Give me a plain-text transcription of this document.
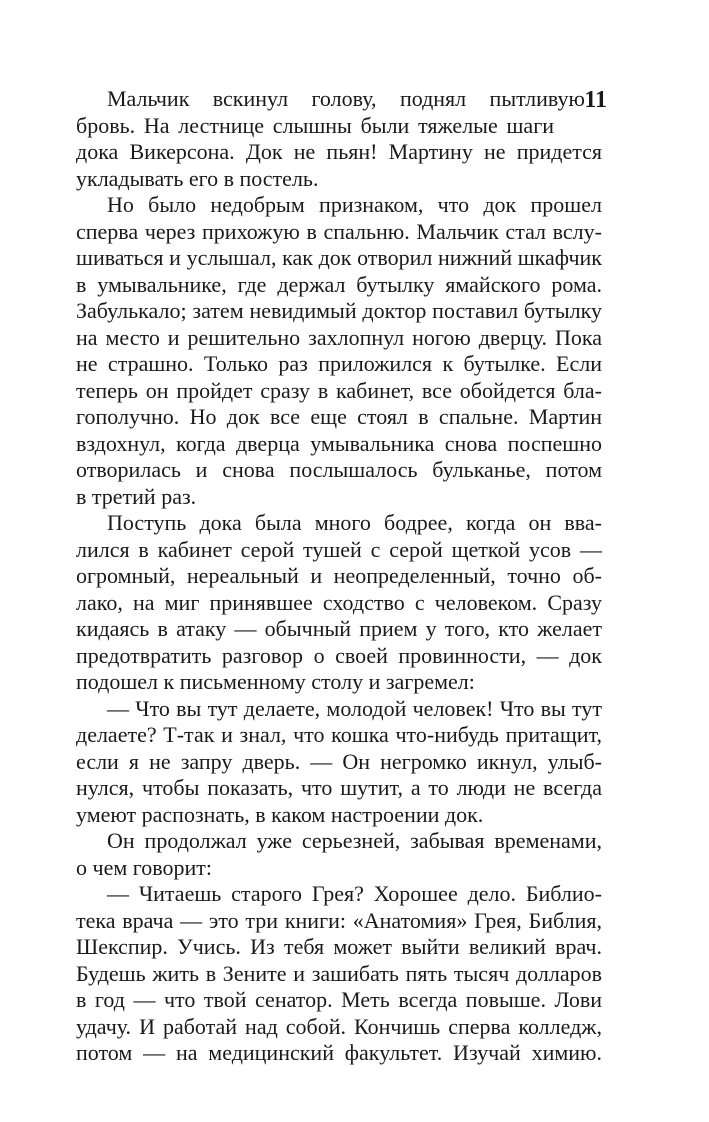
11
Мальчик вскинул голову, поднял пытливую
бровь. На лестнице слышны были тяжелые шаги
дока Викерсона. Док не пьян! Мартину не придется
укладывать его в постель.
Но было недобрым признаком, что док прошел
сперва через прихожую в спальню. Мальчик стал вслу-
шиваться и услышал, как док отворил нижний шкафчик
в умывальнике, где держал бутылку ямайского рома.
Забулькало; затем невидимый доктор поставил бутылку
на место и решительно захлопнул ногою дверцу. Пока
не страшно. Только раз приложился к бутылке. Если
теперь он пройдет сразу в кабинет, все обойдется бла-
гополучно. Но док все еще стоял в спальне. Мартин
вздохнул, когда дверца умывальника снова поспешно
отворилась и снова послышалось бульканье, потом
в третий раз.
Поступь дока была много бодрее, когда он вва-
лился в кабинет серой тушей с серой щеткой усов —
огромный, нереальный и неопределенный, точно об-
лако, на миг принявшее сходство с человеком. Сразу
кидаясь в атаку — обычный прием у того, кто желает
предотвратить разговор о своей провинности, — док
подошел к письменному столу и загремел:
— Что вы тут делаете, молодой человек! Что вы тут
делаете? Т-так и знал, что кошка что-нибудь притащит,
если я не запру дверь. — Он негромко икнул, улыб-
нулся, чтобы показать, что шутит, а то люди не всегда
умеют распознать, в каком настроении док.
Он продолжал уже серьезней, забывая временами,
о чем говорит:
— Читаешь старого Грея? Хорошее дело. Библио-
тека врача — это три книги: «Анатомия» Грея, Библия,
Шекспир. Учись. Из тебя может выйти великий врач.
Будешь жить в Зените и зашибать пять тысяч долларов
в год — что твой сенатор. Меть всегда повыше. Лови
удачу. И работай над собой. Кончишь сперва колледж,
потом — на медицинский факультет. Изучай химию.
